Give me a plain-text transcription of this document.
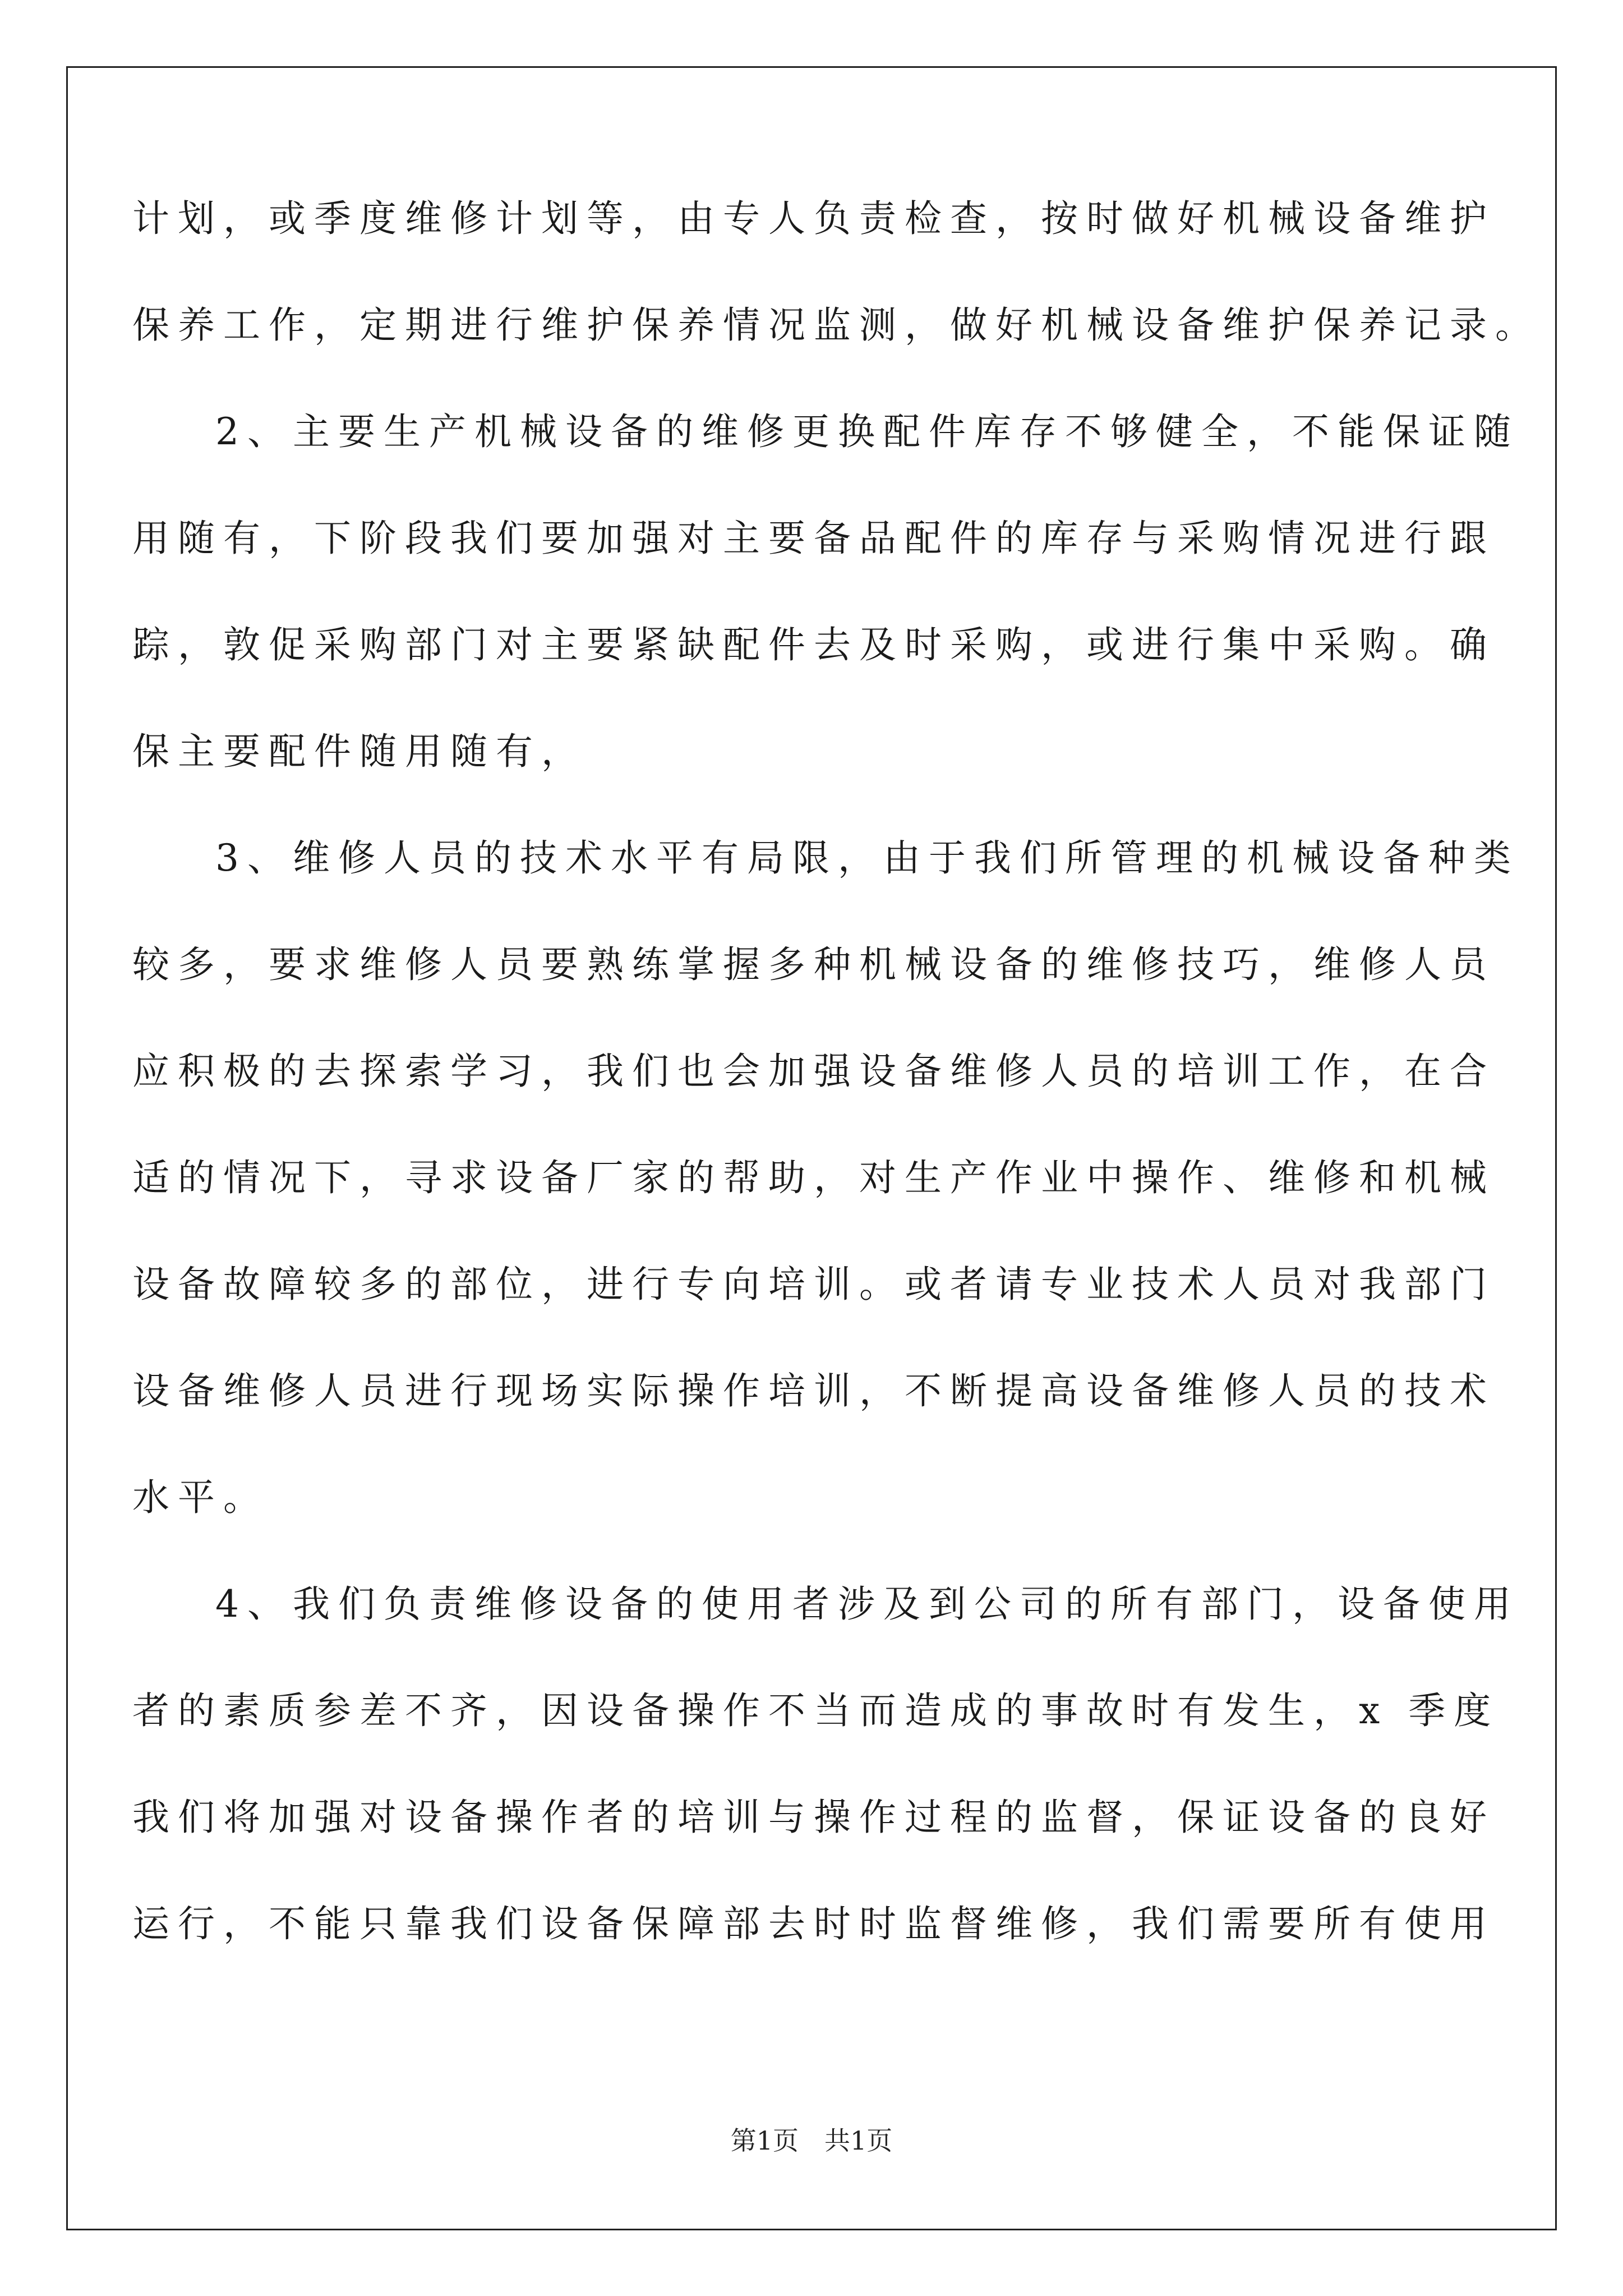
计划，或季度维修计划等，由专人负责检查，按时做好机械设备维护
保养工作，定期进行维护保养情况监测，做好机械设备维护保养记录。
2、主要生产机械设备的维修更换配件库存不够健全，不能保证随
用随有，下阶段我们要加强对主要备品配件的库存与采购情况进行跟
踪，敦促采购部门对主要紧缺配件去及时采购，或进行集中采购。确
保主要配件随用随有，
3、维修人员的技术水平有局限，由于我们所管理的机械设备种类
较多，要求维修人员要熟练掌握多种机械设备的维修技巧，维修人员
应积极的去探索学习，我们也会加强设备维修人员的培训工作，在合
适的情况下，寻求设备厂家的帮助，对生产作业中操作、维修和机械
设备故障较多的部位，进行专向培训。或者请专业技术人员对我部门
设备维修人员进行现场实际操作培训，不断提高设备维修人员的技术
水平。
4、我们负责维修设备的使用者涉及到公司的所有部门，设备使用
者的素质参差不齐，因设备操作不当而造成的事故时有发生，x 季度
我们将加强对设备操作者的培训与操作过程的监督，保证设备的良好
运行，不能只靠我们设备保障部去时时监督维修，我们需要所有使用
第1页　共1页
